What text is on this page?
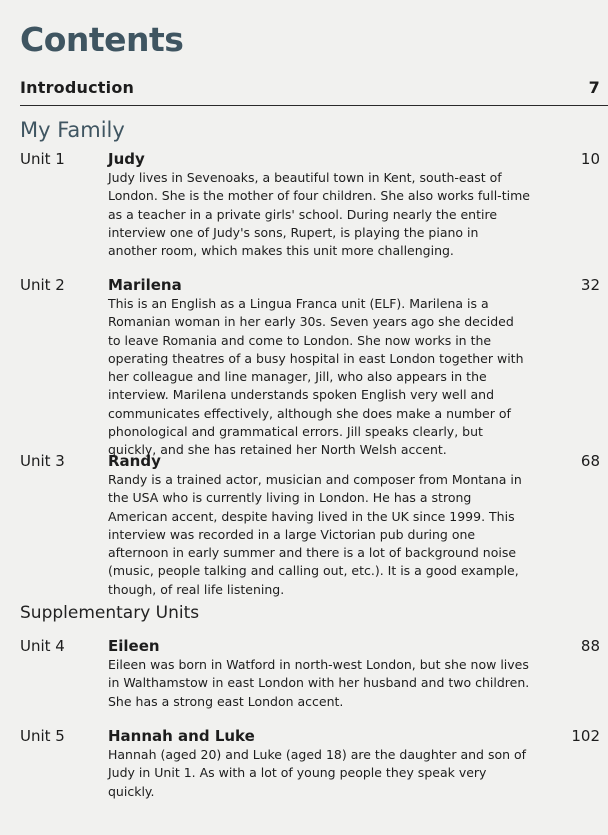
Contents
Introduction	7
My Family
Unit 1	Judy	10
Judy lives in Sevenoaks, a beautiful town in Kent, south-east of London. She is the mother of four children. She also works full-time as a teacher in a private girls' school. During nearly the entire interview one of Judy's sons, Rupert, is playing the piano in another room, which makes this unit more challenging.
Unit 2	Marilena	32
This is an English as a Lingua Franca unit (ELF). Marilena is a Romanian woman in her early 30s. Seven years ago she decided to leave Romania and come to London. She now works in the operating theatres of a busy hospital in east London together with her colleague and line manager, Jill, who also appears in the interview. Marilena understands spoken English very well and communicates effectively, although she does make a number of phonological and grammatical errors. Jill speaks clearly, but quickly, and she has retained her North Welsh accent.
Unit 3	Randy	68
Randy is a trained actor, musician and composer from Montana in the USA who is currently living in London. He has a strong American accent, despite having lived in the UK since 1999. This interview was recorded in a large Victorian pub during one afternoon in early summer and there is a lot of background noise (music, people talking and calling out, etc.). It is a good example, though, of real life listening.
Supplementary Units
Unit 4	Eileen	88
Eileen was born in Watford in north-west London, but she now lives in Walthamstow in east London with her husband and two children. She has a strong east London accent.
Unit 5	Hannah and Luke	102
Hannah (aged 20) and Luke (aged 18) are the daughter and son of Judy in Unit 1. As with a lot of young people they speak very quickly.
